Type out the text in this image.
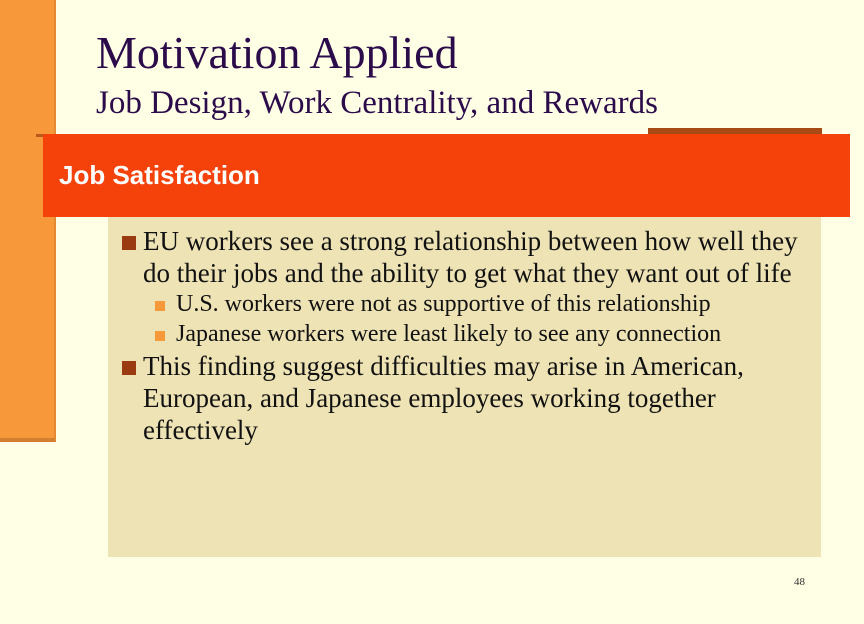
Motivation Applied
Job Design, Work Centrality, and Rewards
Job Satisfaction
EU workers see a strong relationship between how well they do their jobs and the ability to get what they want out of life
U.S. workers were not as supportive of this relationship
Japanese workers were least likely to see any connection
This finding suggest difficulties may arise in American, European, and Japanese employees working together effectively
48
